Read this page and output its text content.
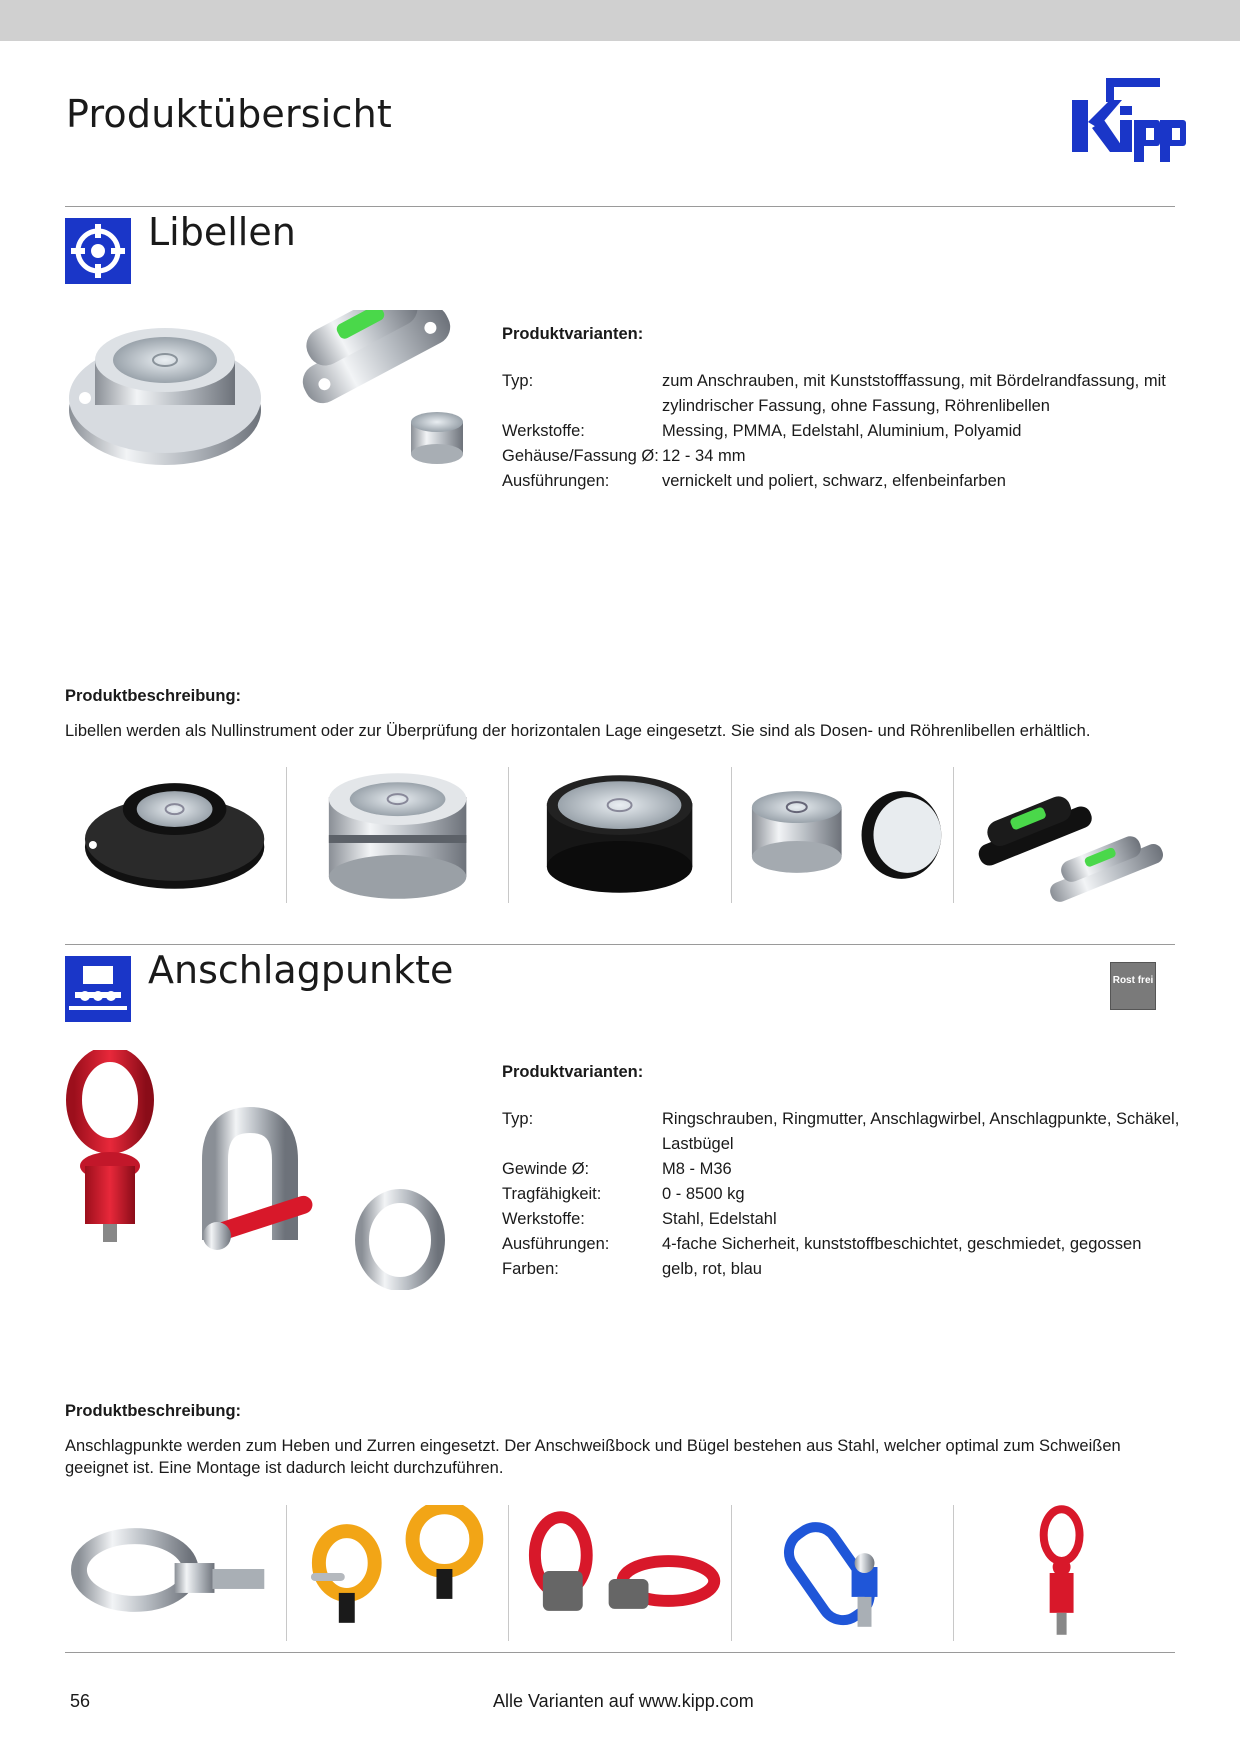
Produktübersicht
Libellen
Produktvarianten:
Typ:	zum Anschrauben, mit Kunststofffassung, mit Bördelrandfassung, mit zylindrischer Fassung, ohne Fassung, Röhrenlibellen
Werkstoffe:	Messing, PMMA, Edelstahl, Aluminium, Polyamid
Gehäuse/Fassung Ø: 12 - 34 mm
Ausführungen:	vernickelt und poliert, schwarz, elfenbeinfarben
Produktbeschreibung:
Libellen werden als Nullinstrument oder zur Überprüfung der horizontalen Lage eingesetzt. Sie sind als Dosen- und Röhrenlibellen erhältlich.
Anschlagpunkte	Rost frei
Produktvarianten:
Typ:	Ringschrauben, Ringmutter, Anschlagwirbel, Anschlagpunkte, Schäkel, Lastbügel
Gewinde Ø:	M8 - M36
Tragfähigkeit:	0 - 8500 kg
Werkstoffe:	Stahl, Edelstahl
Ausführungen:	4-fache Sicherheit, kunststoffbeschichtet, geschmiedet, gegossen
Farben:	gelb, rot, blau
Produktbeschreibung:
Anschlagpunkte werden zum Heben und Zurren eingesetzt. Der Anschweißbock und Bügel bestehen aus Stahl, welcher optimal zum Schweißen geeignet ist. Eine Montage ist dadurch leicht durchzuführen.
56	Alle Varianten auf www.kipp.com
